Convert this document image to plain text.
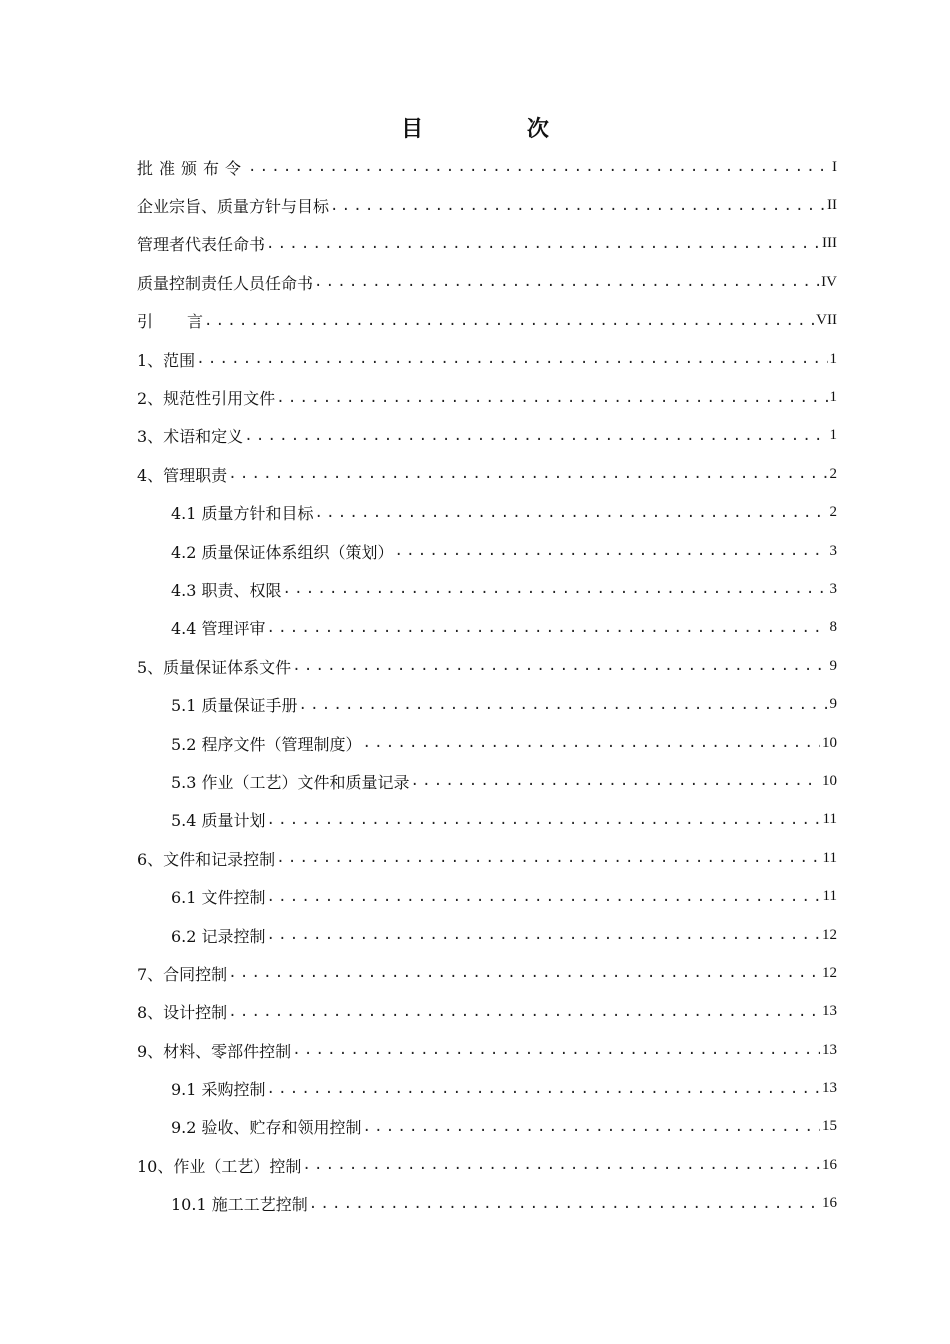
目 次
批准颁布令 .....	I
企业宗旨、质量方针与目标 .....	II
管理者代表任命书 .....	III
质量控制责任人员任命书 .....	IV
引 言 .....	VII
1、范围 .....	1
2、规范性引用文件 .....	1
3、术语和定义 .....	1
4、管理职责 .....	2
4.1 质量方针和目标 .....	2
4.2 质量保证体系组织（策划） .....	3
4.3 职责、权限 .....	3
4.4 管理评审 .....	8
5、质量保证体系文件 .....	9
5.1 质量保证手册 .....	9
5.2 程序文件（管理制度） .....	10
5.3 作业（工艺）文件和质量记录 .....	10
5.4 质量计划 .....	11
6、文件和记录控制 .....	11
6.1 文件控制 .....	11
6.2 记录控制 .....	12
7、合同控制 .....	12
8、设计控制 .....	13
9、材料、零部件控制 .....	13
9.1 采购控制 .....	13
9.2 验收、贮存和领用控制 .....	15
10、作业（工艺）控制 .....	16
10.1 施工工艺控制 .....	16
